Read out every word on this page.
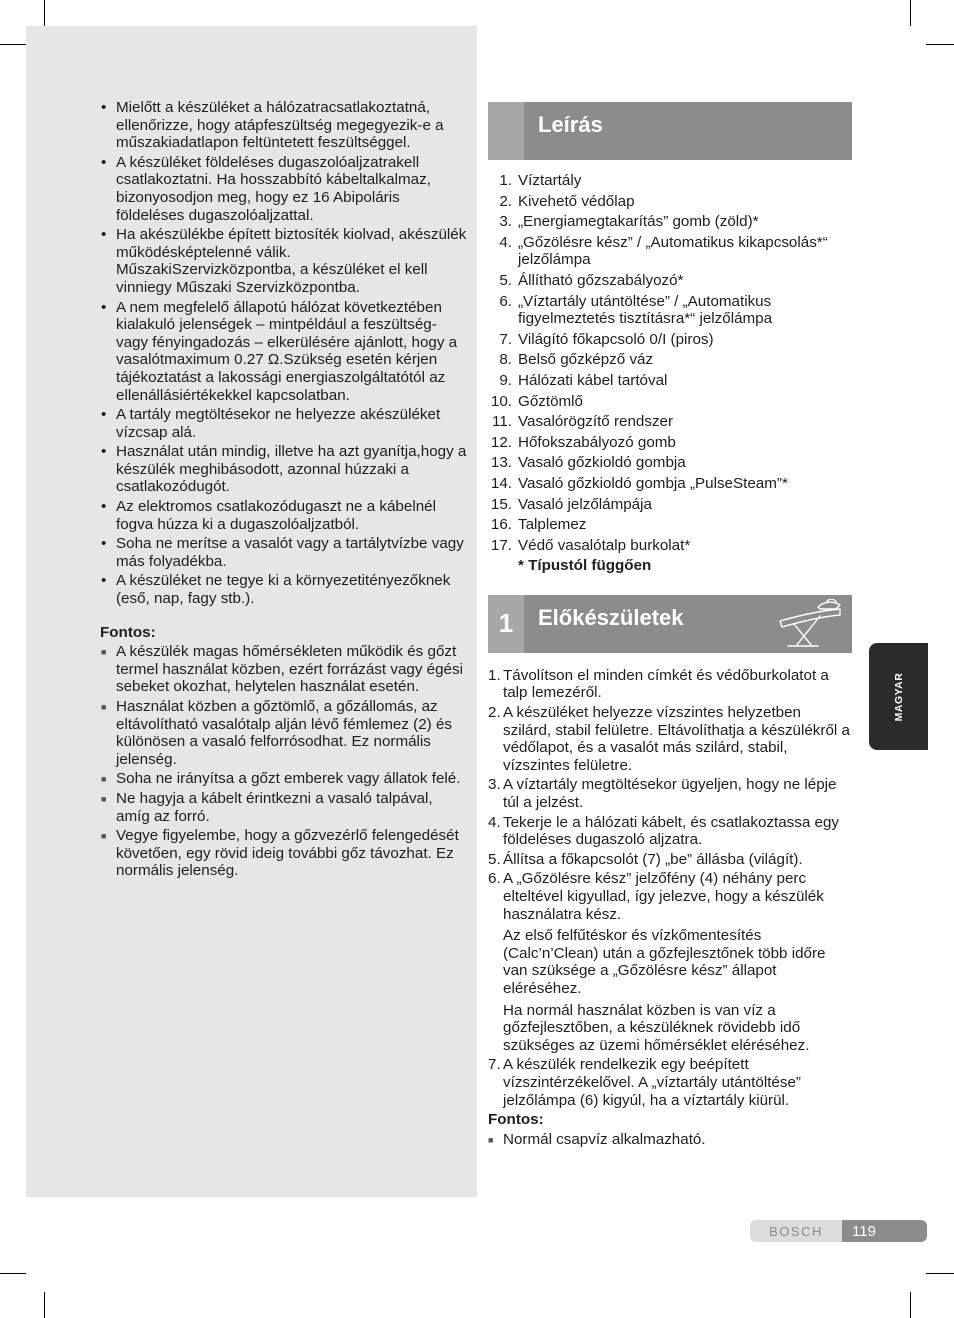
• Mielőtt a készüléket a hálózatracsatlakoztatná, ellenőrizze, hogy atápfeszültség megegyezik-e a műszakiadatlapon feltüntetett feszültséggel.
• A készüléket földeléses dugaszolóaljzatrakell csatlakoztatni. Ha hosszabbító kábeltalkalmaz, bizonyosodjon meg, hogy ez 16 Abipoláris földeléses dugaszolóaljzattal.
• Ha akészülékbe épített biztosíték kiolvad, akészülék működésképtelenné válik. MűszakiSzervizközpontba, a készüléket el kell vinniegy Műszaki Szervizközpontba.
• A nem megfelelő állapotú hálózat következtében kialakuló jelenségek – mintpéldául a feszültség- vagy fényingadozás – elkerülésére ajánlott, hogy a vasalótmaximum 0.27 Ω.Szükség esetén kérjen tájékoztatást a lakossági energiaszolgáltatótól az ellenállásiértékekkel kapcsolatban.
• A tartály megtöltésekor ne helyezze akészüléket vízcsap alá.
• Használat után mindig, illetve ha azt gyanítja,hogy a készülék meghibásodott, azonnal húzzaki a csatlakozódugót.
• Az elektromos csatlakozódugaszt ne a kábelnél fogva húzza ki a dugaszolóaljzatból.
• Soha ne merítse a vasalót vagy a tartálytvízbe vagy más folyadékba.
• A készüléket ne tegye ki a környezetitényezőknek (eső, nap, fagy stb.).
Fontos:
■ A készülék magas hőmérsékleten működik és gőzt termel használat közben, ezért forrázást vagy égési sebeket okozhat, helytelen használat esetén.
■ Használat közben a gőztömlő, a gőzállomás, az eltávolítható vasalótalp alján lévő fémlemez (2) és különösen a vasaló felforrósodhat. Ez normális jelenség.
■ Soha ne irányítsa a gőzt emberek vagy állatok felé.
■ Ne hagyja a kábelt érintkezni a vasaló talpával, amíg az forró.
■ Vegye figyelembe, hogy a gőzvezérlő felengedését követően, egy rövid ideig további gőz távozhat. Ez normális jelenség.
Leírás
1. Víztartály
2. Kivehető védőlap
3. „Energiamegtakarítás” gomb (zöld)*
4. „Gőzölésre kész” / „Automatikus kikapcsolás*“ jelzőlámpa
5. Állítható gőzszabályozó*
6. „Víztartály utántöltése” / „Automatikus figyelmeztetés tisztításra*“ jelzőlámpa
7. Világító főkapcsoló 0/I (piros)
8. Belső gőzképző váz
9. Hálózati kábel tartóval
10. Gőztömlő
11. Vasalórögzítő rendszer
12. Hőfokszabályozó gomb
13. Vasaló gőzkioldó gombja
14. Vasaló gőzkioldó gombja „PulseSteam”*
15. Vasaló jelzőlámpája
16. Talplemez
17. Védő vasalótalp burkolat*
* Típustól függően
1	Előkészületek
1. Távolítson el minden címkét és védőburkolatot a talp lemezéről.
2. A készüléket helyezze vízszintes helyzetben szilárd, stabil felületre. Eltávolíthatja a készülékről a védőlapot, és a vasalót más szilárd, stabil, vízszintes felületre.
3. A víztartály megtöltésekor ügyeljen, hogy ne lépje túl a jelzést.
4. Tekerje le a hálózati kábelt, és csatlakoztassa egy földeléses dugaszoló aljzatra.
5. Állítsa a főkapcsolót (7) „be” állásba (világít).
6. A „Gőzölésre kész” jelzőfény (4) néhány perc elteltével kigyullad, így jelezve, hogy a készülék használatra kész.

Az első felfűtéskor és vízkőmentesítés (Calc’n’Clean) után a gőzfejlesztőnek több időre van szüksége a „Gőzölésre kész” állapot eléréséhez.

Ha normál használat közben is van víz a gőzfejlesztőben, a készüléknek rövidebb idő szükséges az üzemi hőmérséklet eléréséhez.

7. A készülék rendelkezik egy beépített vízszintérzékelővel. A „víztartály utántöltése” jelzőlámpa (6) kigyúl, ha a víztartály kiürül.
Fontos:
■ Normál csapvíz alkalmazható.
MAGYAR
BOSCH	119
